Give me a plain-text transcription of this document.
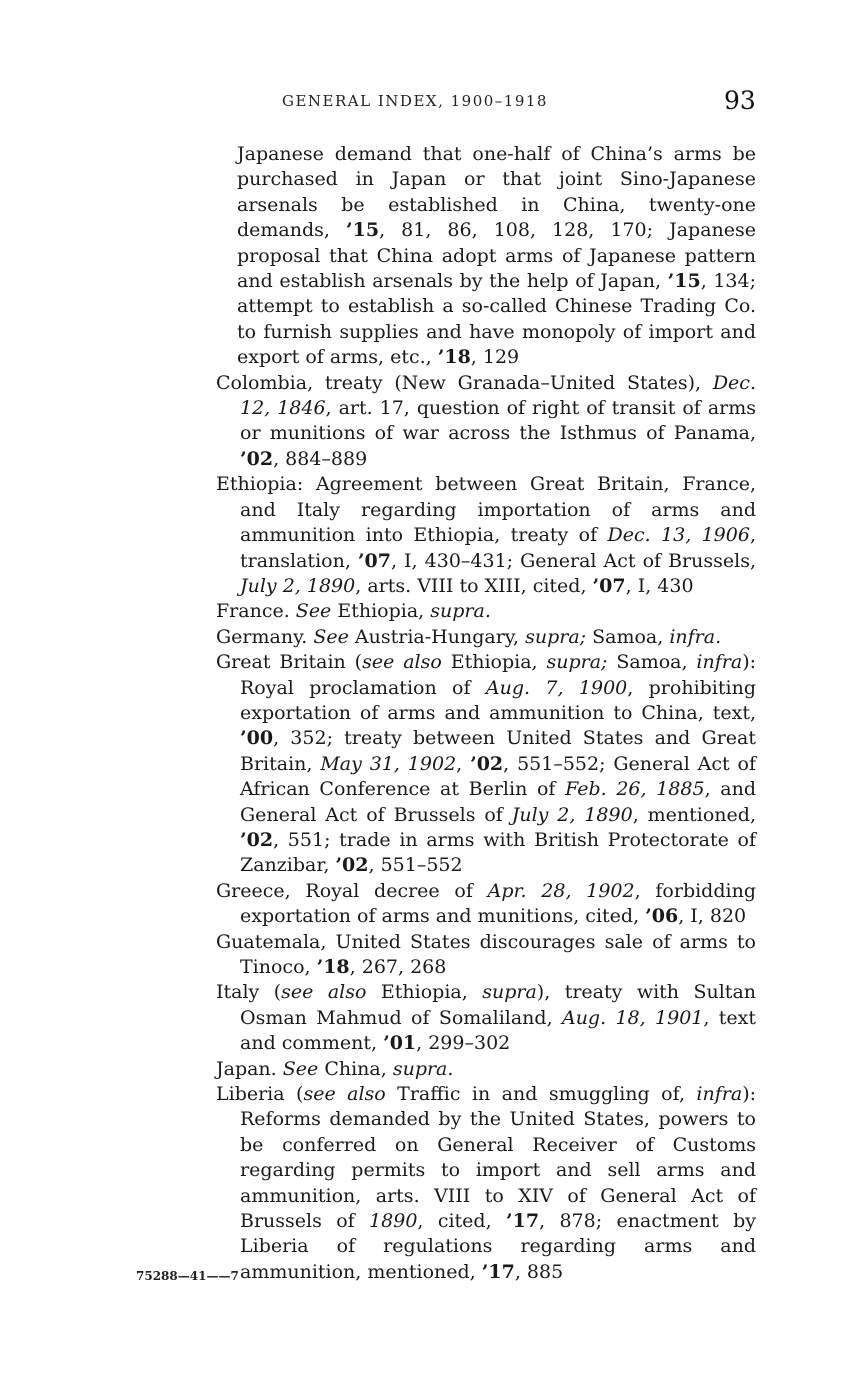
GENERAL INDEX, 1900–1918	93

Japanese demand that one-half of China’s arms be purchased in Japan or that joint Sino-Japanese arsenals be established in China, twenty-one demands, ’15, 81, 86, 108, 128, 170; Japanese proposal that China adopt arms of Japanese pattern and establish arsenals by the help of Japan, ’15, 134; attempt to establish a so-called Chinese Trading Co. to furnish supplies and have monopoly of import and export of arms, etc., ’18, 129

Colombia, treaty (New Granada–United States), Dec. 12, 1846, art. 17, question of right of transit of arms or munitions of war across the Isthmus of Panama, ’02, 884–889

Ethiopia: Agreement between Great Britain, France, and Italy regarding importation of arms and ammunition into Ethiopia, treaty of Dec. 13, 1906, translation, ’07, I, 430–431; General Act of Brussels, July 2, 1890, arts. VIII to XIII, cited, ’07, I, 430

France. See Ethiopia, supra.

Germany. See Austria-Hungary, supra; Samoa, infra.

Great Britain (see also Ethiopia, supra; Samoa, infra): Royal proclamation of Aug. 7, 1900, prohibiting exportation of arms and ammunition to China, text, ’00, 352; treaty between United States and Great Britain, May 31, 1902, ’02, 551–552; General Act of African Conference at Berlin of Feb. 26, 1885, and General Act of Brussels of July 2, 1890, mentioned, ’02, 551; trade in arms with British Protectorate of Zanzibar, ’02, 551–552

Greece, Royal decree of Apr. 28, 1902, forbidding exportation of arms and munitions, cited, ’06, I, 820

Guatemala, United States discourages sale of arms to Tinoco, ’18, 267, 268

Italy (see also Ethiopia, supra), treaty with Sultan Osman Mahmud of Somaliland, Aug. 18, 1901, text and comment, ’01, 299–302

Japan. See China, supra.

Liberia (see also Traffic in and smuggling of, infra): Reforms demanded by the United States, powers to be conferred on General Receiver of Customs regarding permits to import and sell arms and ammunition, arts. VIII to XIV of General Act of Brussels of 1890, cited, ’17, 878; enactment by Liberia of regulations regarding arms and ammunition, mentioned, ’17, 885

75288—41——7
